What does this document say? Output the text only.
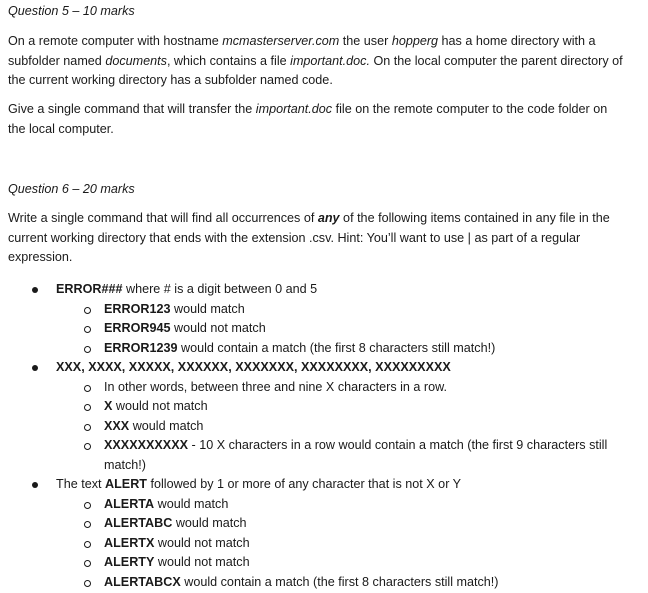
Question 5 – 10 marks

On a remote computer with hostname mcmasterserver.com the user hopperg has a home directory with a subfolder named documents, which contains a file important.doc. On the local computer the parent directory of the current working directory has a subfolder named code.

Give a single command that will transfer the important.doc file on the remote computer to the code folder on the local computer.

Question 6 – 20 marks

Write a single command that will find all occurrences of any of the following items contained in any file in the current working directory that ends with the extension .csv. Hint: You’ll want to use | as part of a regular expression.

ERROR### where # is a digit between 0 and 5
ERROR123 would match
ERROR945 would not match
ERROR1239 would contain a match (the first 8 characters still match!)
XXX, XXXX, XXXXX, XXXXXX, XXXXXXX, XXXXXXXX, XXXXXXXXX
In other words, between three and nine X characters in a row.
X would not match
XXX would match
XXXXXXXXXX - 10 X characters in a row would contain a match (the first 9 characters still match!)
The text ALERT followed by 1 or more of any character that is not X or Y
ALERTA would match
ALERTABC would match
ALERTX would not match
ALERTY would not match
ALERTABCX would contain a match (the first 8 characters still match!)
